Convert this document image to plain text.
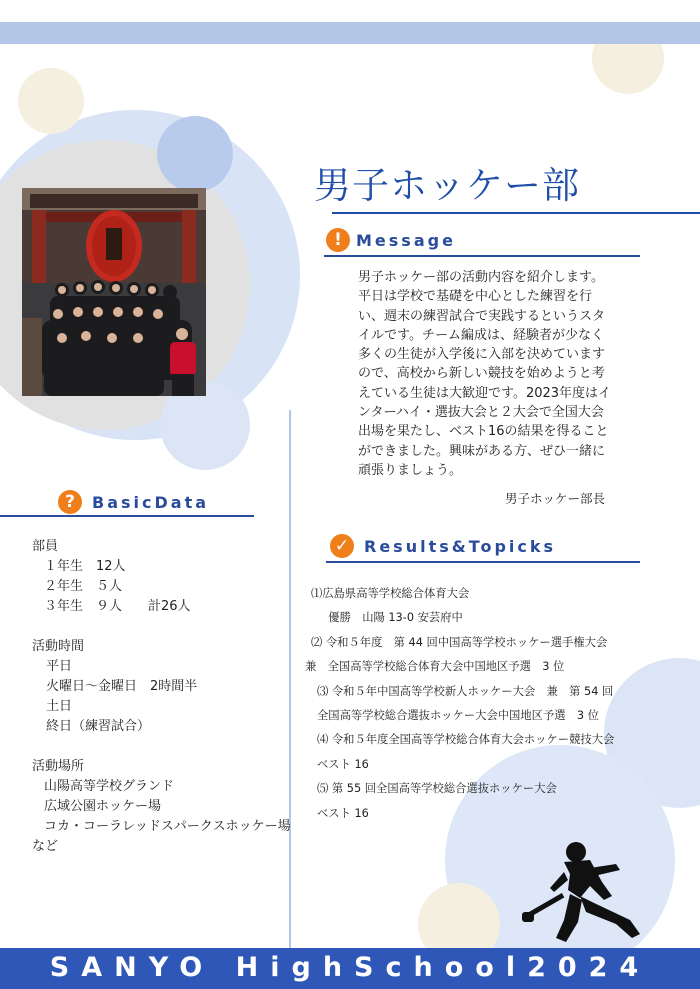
男子ホッケー部
! Message
男子ホッケー部の活動内容を紹介します。平日は学校で基礎を中心とした練習を行い、週末の練習試合で実践するというスタイルです。チーム編成は、経験者が少なく多くの生徒が入学後に入部を決めていますので、高校から新しい競技を始めようと考えている生徒は大歓迎です。2023年度はインターハイ・選抜大会と２大会で全国大会出場を果たし、ベスト16の結果を得ることができました。興味がある方、ぜひ一緒に頑張りましょう。
男子ホッケー部長
?	BasicData
部員
１年生　12人
２年生　５人
３年生　９人　　計26人
活動時間
平日
火曜日～金曜日　2時間半
土日
終日（練習試合）
活動場所
山陽高等学校グランド
広域公園ホッケー場
コカ・コーラレッドスパークスホッケー場
など
✓ Results&Topicks
⑴広島県高等学校総合体育大会
　優勝　山陽 13-0 安芸府中
⑵ 令和５年度　第 44 回中国高等学校ホッケー選手権大会
兼　全国高等学校総合体育大会中国地区予選　3 位
⑶ 令和５年中国高等学校新人ホッケー大会　兼　第 54 回
全国高等学校総合選抜ホッケー大会中国地区予選　3 位
⑷ 令和５年度全国高等学校総合体育大会ホッケー競技大会
ベスト 16
⑸ 第 55 回全国高等学校総合選抜ホッケー大会
ベスト 16
SANYO HighSchool2024
